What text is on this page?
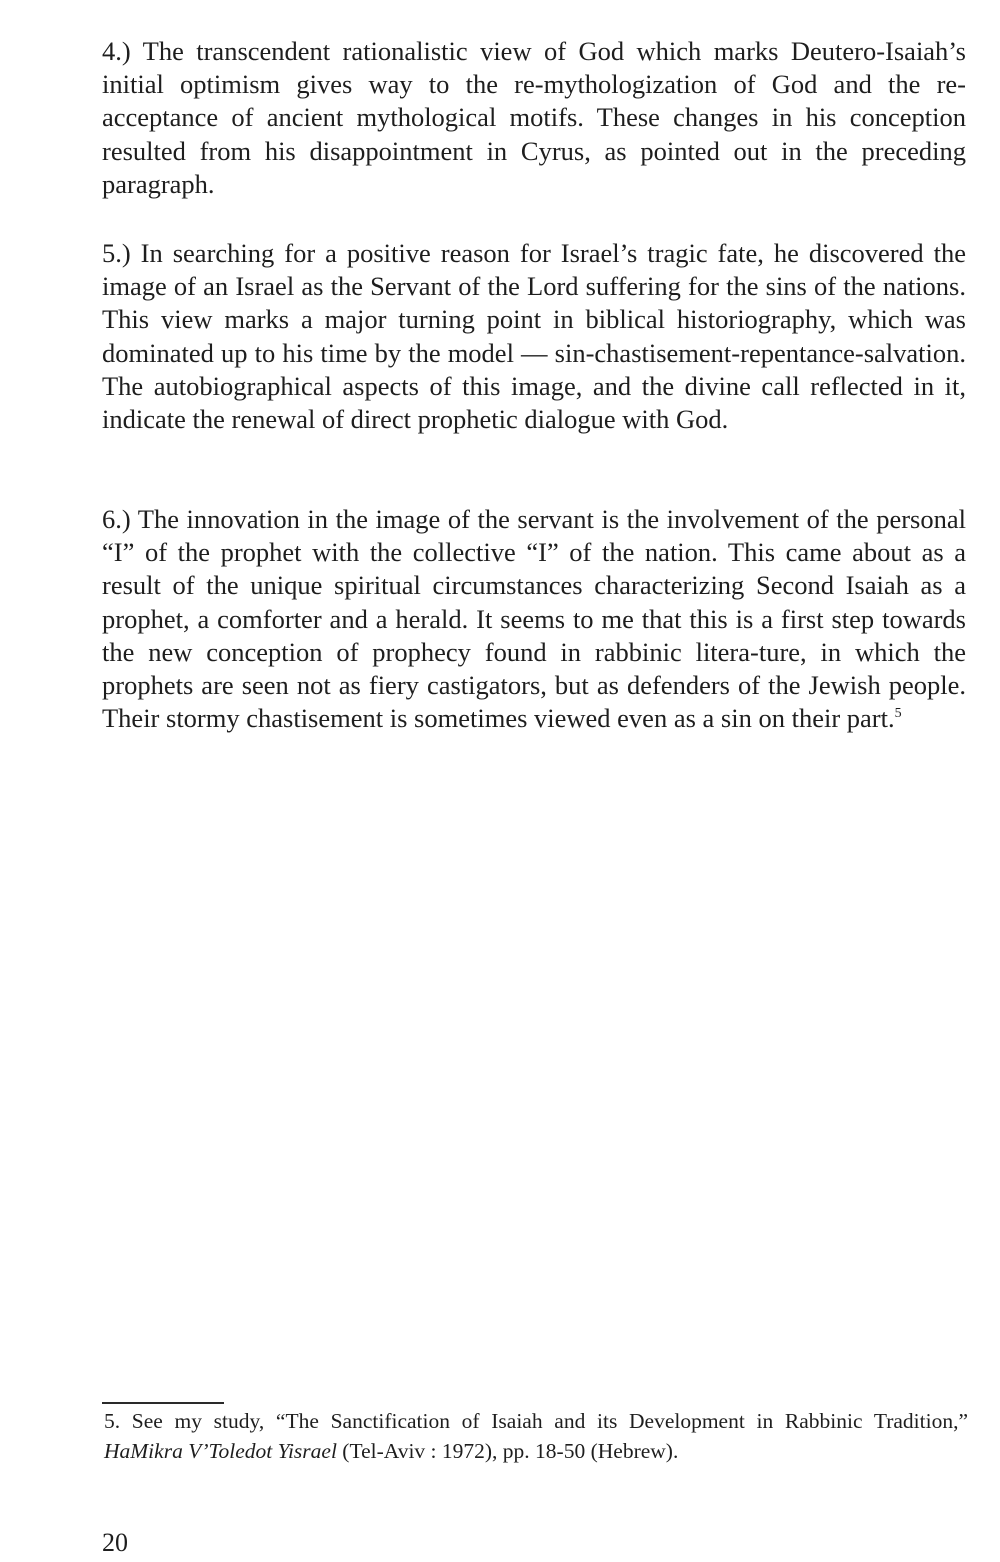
4.) The transcendent rationalistic view of God which marks Deutero-Isaiah’s initial optimism gives way to the re-mythologization of God and the re-acceptance of ancient mythological motifs. These changes in his conception resulted from his disappointment in Cyrus, as pointed out in the preceding paragraph.

5.) In searching for a positive reason for Israel’s tragic fate, he discovered the image of an Israel as the Servant of the Lord suffering for the sins of the nations. This view marks a major turning point in biblical historiography, which was dominated up to his time by the model — sin-chastisement-repentance-salvation. The autobiographical aspects of this image, and the divine call reflected in it, indicate the renewal of direct prophetic dialogue with God.

6.) The innovation in the image of the servant is the involvement of the personal “I” of the prophet with the collective “I” of the nation. This came about as a result of the unique spiritual circumstances characterizing Second Isaiah as a prophet, a comforter and a herald. It seems to me that this is a first step towards the new conception of prophecy found in rabbinic litera-ture, in which the prophets are seen not as fiery castigators, but as defenders of the Jewish people. Their stormy chastisement is sometimes viewed even as a sin on their part.$^5$

5. See my study, “The Sanctification of Isaiah and its Development in Rabbinic Tradition,” HaMikra V’Toledot Yisrael (Tel-Aviv : 1972), pp. 18-50 (Hebrew).

20
